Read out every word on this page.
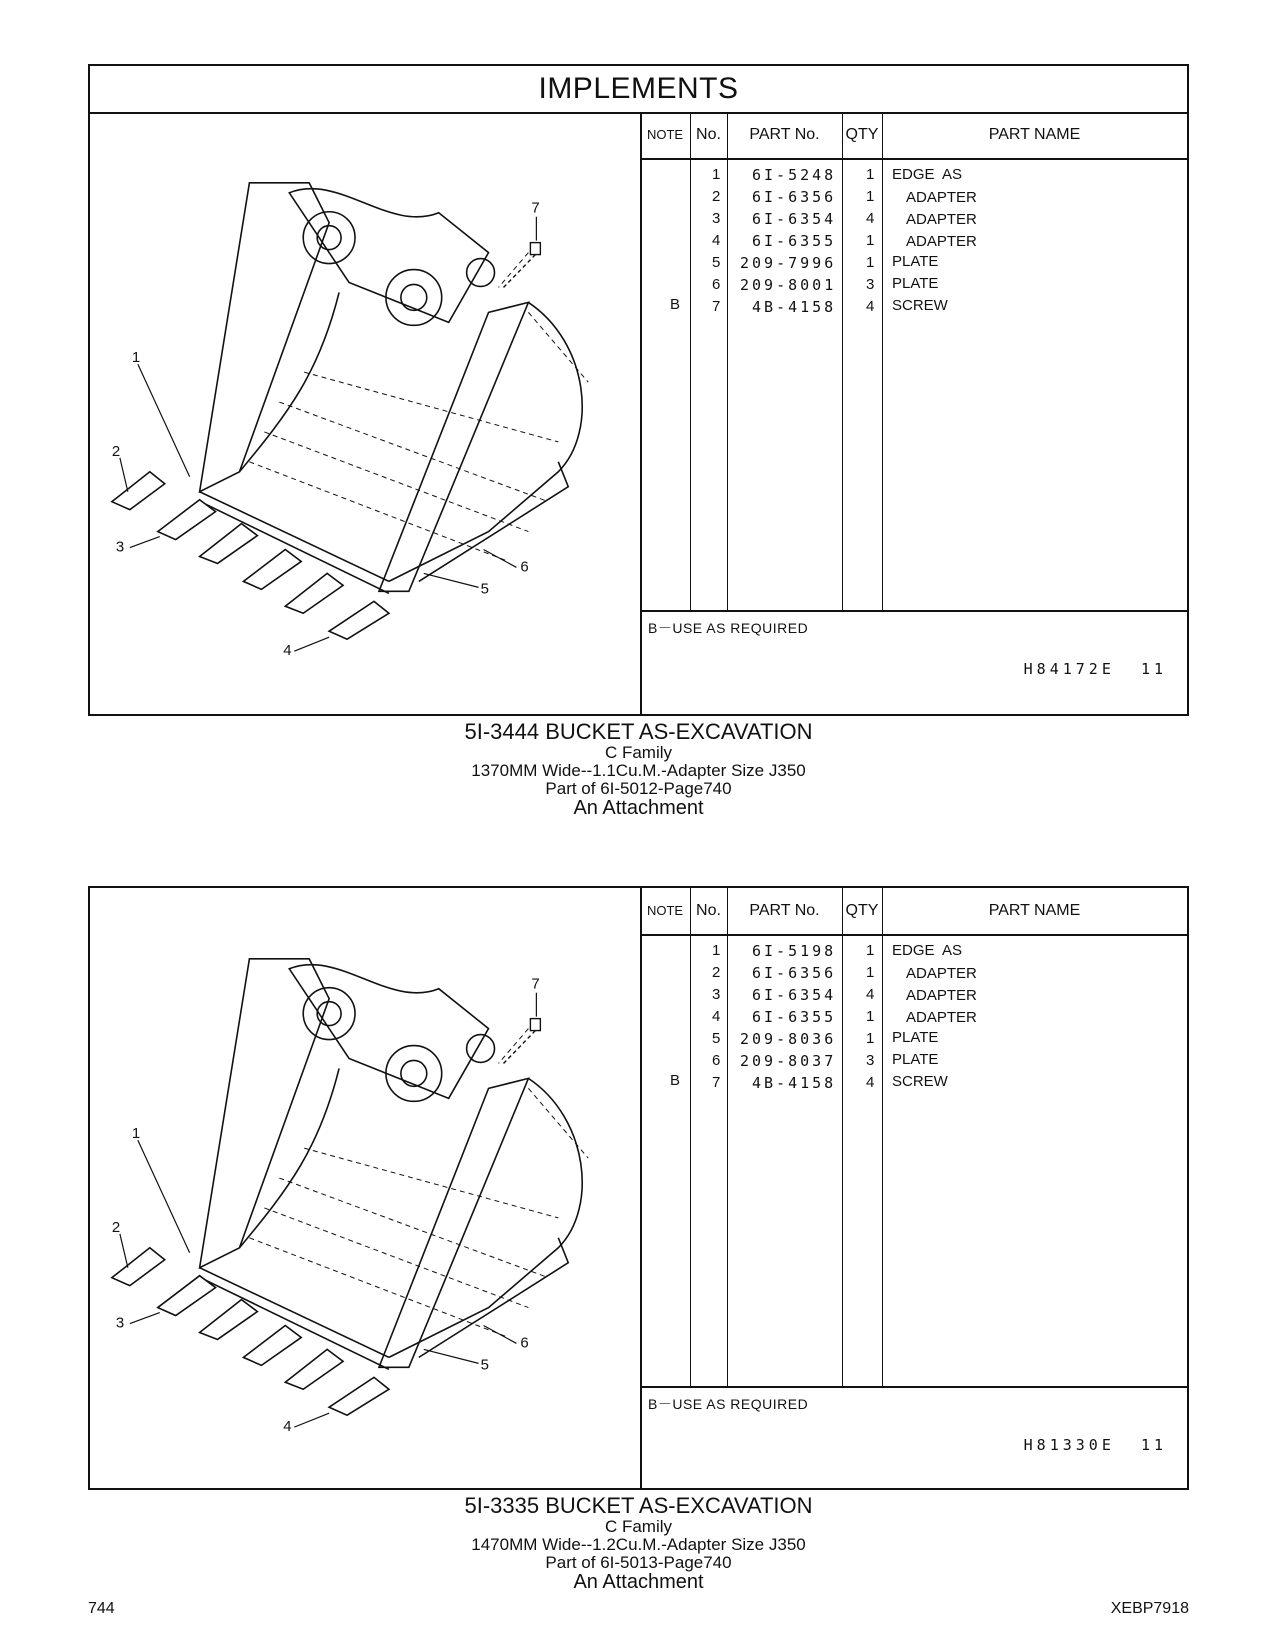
IMPLEMENTS
1
2
3
4
5
6
7
NOTE No.	PART No.	QTY	PART NAME
1 6I-5248 1 EDGE  AS
2 6I-6356 1 ADAPTER
3 6I-6354 4 ADAPTER
4 6I-6355 1 ADAPTER
5 209-7996 1 PLATE
6 209-8001 3 PLATE
B 7 4B-4158 4 SCREW
B－USE AS REQUIRED
H84172E 11
5I-3444 BUCKET AS-EXCAVATION
C Family
1370MM Wide--1.1Cu.M.-Adapter Size J350
Part of 6I-5012-Page740
An Attachment
1
2
3
4
5
6
7
NOTE No.	PART No.	QTY	PART NAME
1 6I-5198 1 EDGE  AS
2 6I-6356 1 ADAPTER
3 6I-6354 4 ADAPTER
4 6I-6355 1 ADAPTER
5 209-8036 1 PLATE
6 209-8037 3 PLATE
B 7 4B-4158 4 SCREW
B－USE AS REQUIRED
H81330E 11
5I-3335 BUCKET AS-EXCAVATION
C Family
1470MM Wide--1.2Cu.M.-Adapter Size J350
Part of 6I-5013-Page740
An Attachment
744	XEBP7918
